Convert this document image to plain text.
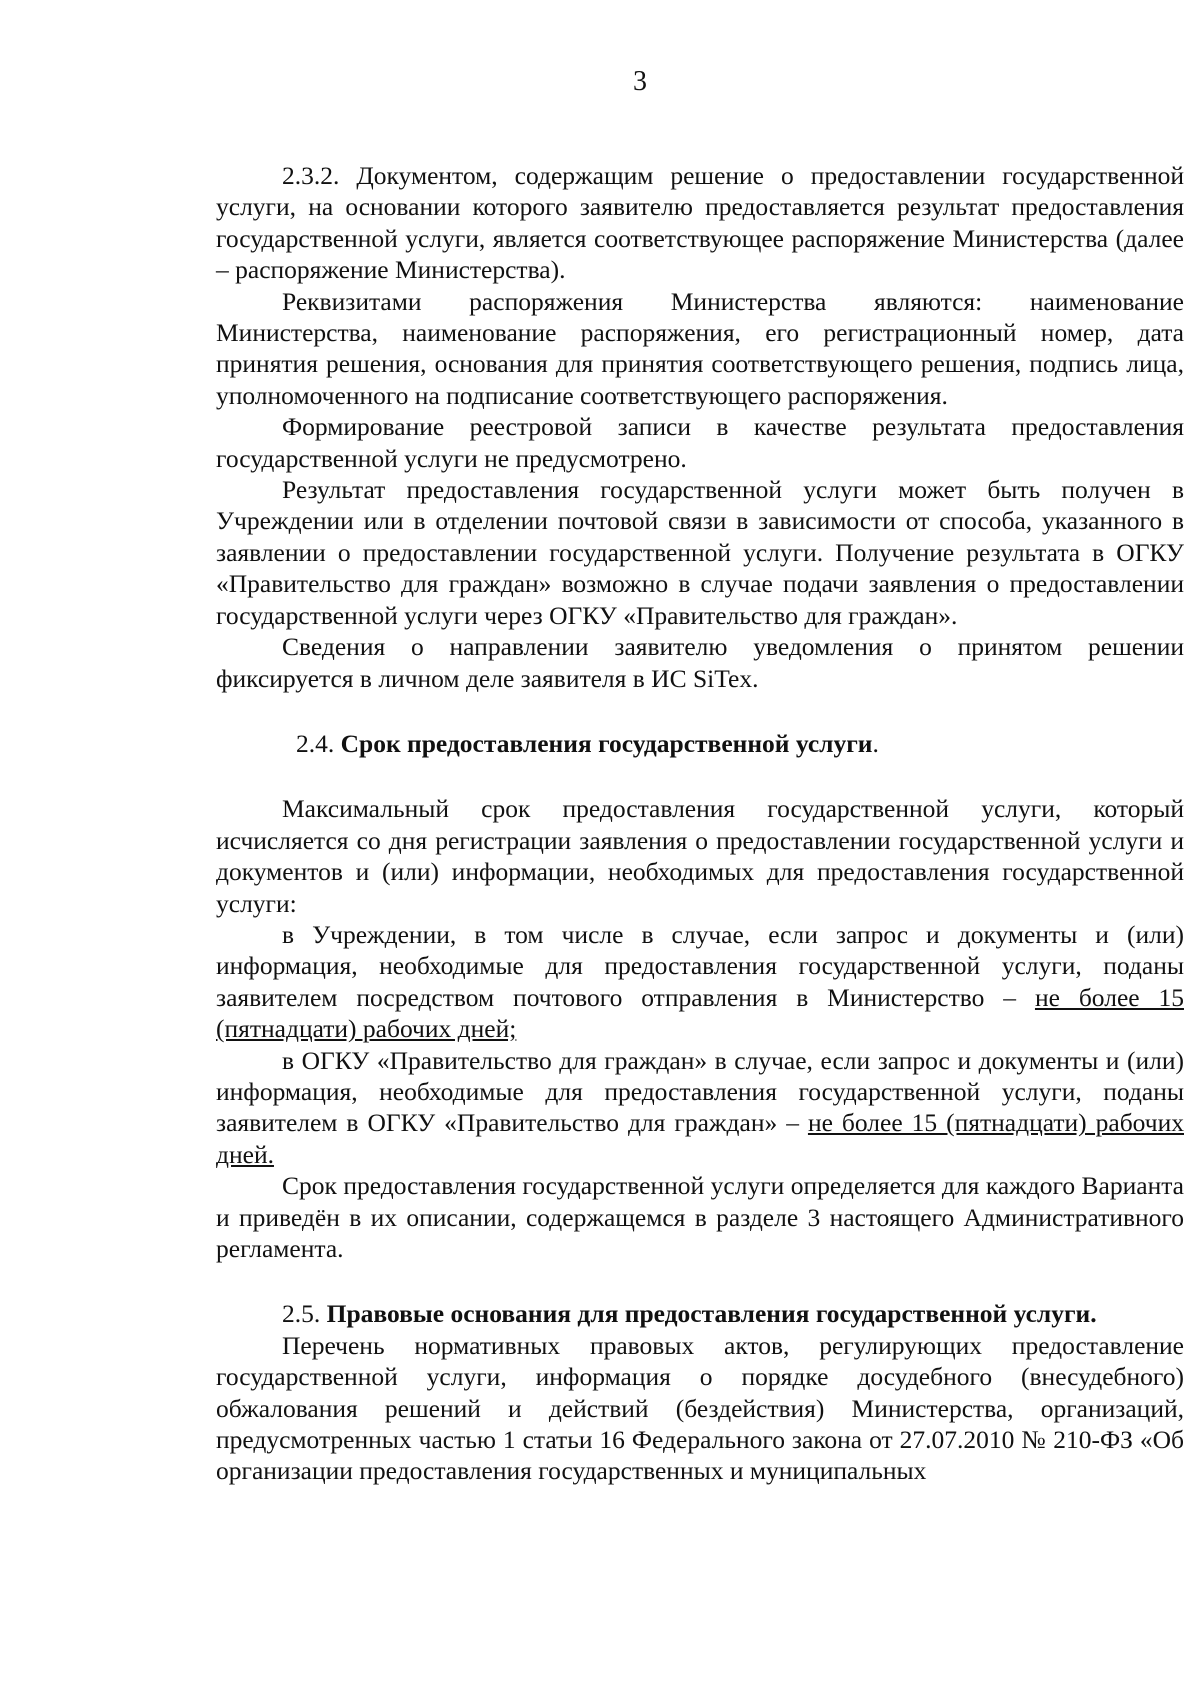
3

2.3.2. Документом, содержащим решение о предоставлении государственной услуги, на основании которого заявителю предоставляется результат предоставления государственной услуги, является соответствующее распоряжение Министерства (далее – распоряжение Министерства).

Реквизитами распоряжения Министерства являются: наименование Министерства, наименование распоряжения, его регистрационный номер, дата принятия решения, основания для принятия соответствующего решения, подпись лица, уполномоченного на подписание соответствующего распоряжения.

Формирование реестровой записи в качестве результата предоставления государственной услуги не предусмотрено.

Результат предоставления государственной услуги может быть получен в Учреждении или в отделении почтовой связи в зависимости от способа, указанного в заявлении о предоставлении государственной услуги. Получение результата в ОГКУ «Правительство для граждан» возможно в случае подачи заявления о предоставлении государственной услуги через ОГКУ «Правительство для граждан».

Сведения о направлении заявителю уведомления о принятом решении фиксируется в личном деле заявителя в ИС SiTex.

2.4. Срок предоставления государственной услуги.

Максимальный срок предоставления государственной услуги, который исчисляется со дня регистрации заявления о предоставлении государственной услуги и документов и (или) информации, необходимых для предоставления государственной услуги:

в Учреждении, в том числе в случае, если запрос и документы и (или) информация, необходимые для предоставления государственной услуги, поданы заявителем посредством почтового отправления в Министерство – не более 15 (пятнадцати) рабочих дней;

в ОГКУ «Правительство для граждан» в случае, если запрос и документы и (или) информация, необходимые для предоставления государственной услуги, поданы заявителем в ОГКУ «Правительство для граждан» – не более 15 (пятнадцати) рабочих дней.

Срок предоставления государственной услуги определяется для каждого Варианта и приведён в их описании, содержащемся в разделе 3 настоящего Административного регламента.

2.5. Правовые основания для предоставления государственной услуги.

Перечень нормативных правовых актов, регулирующих предоставление государственной услуги, информация о порядке досудебного (внесудебного) обжалования решений и действий (бездействия) Министерства, организаций, предусмотренных частью 1 статьи 16 Федерального закона от 27.07.2010 № 210-ФЗ «Об организации предоставления государственных и муниципальных
